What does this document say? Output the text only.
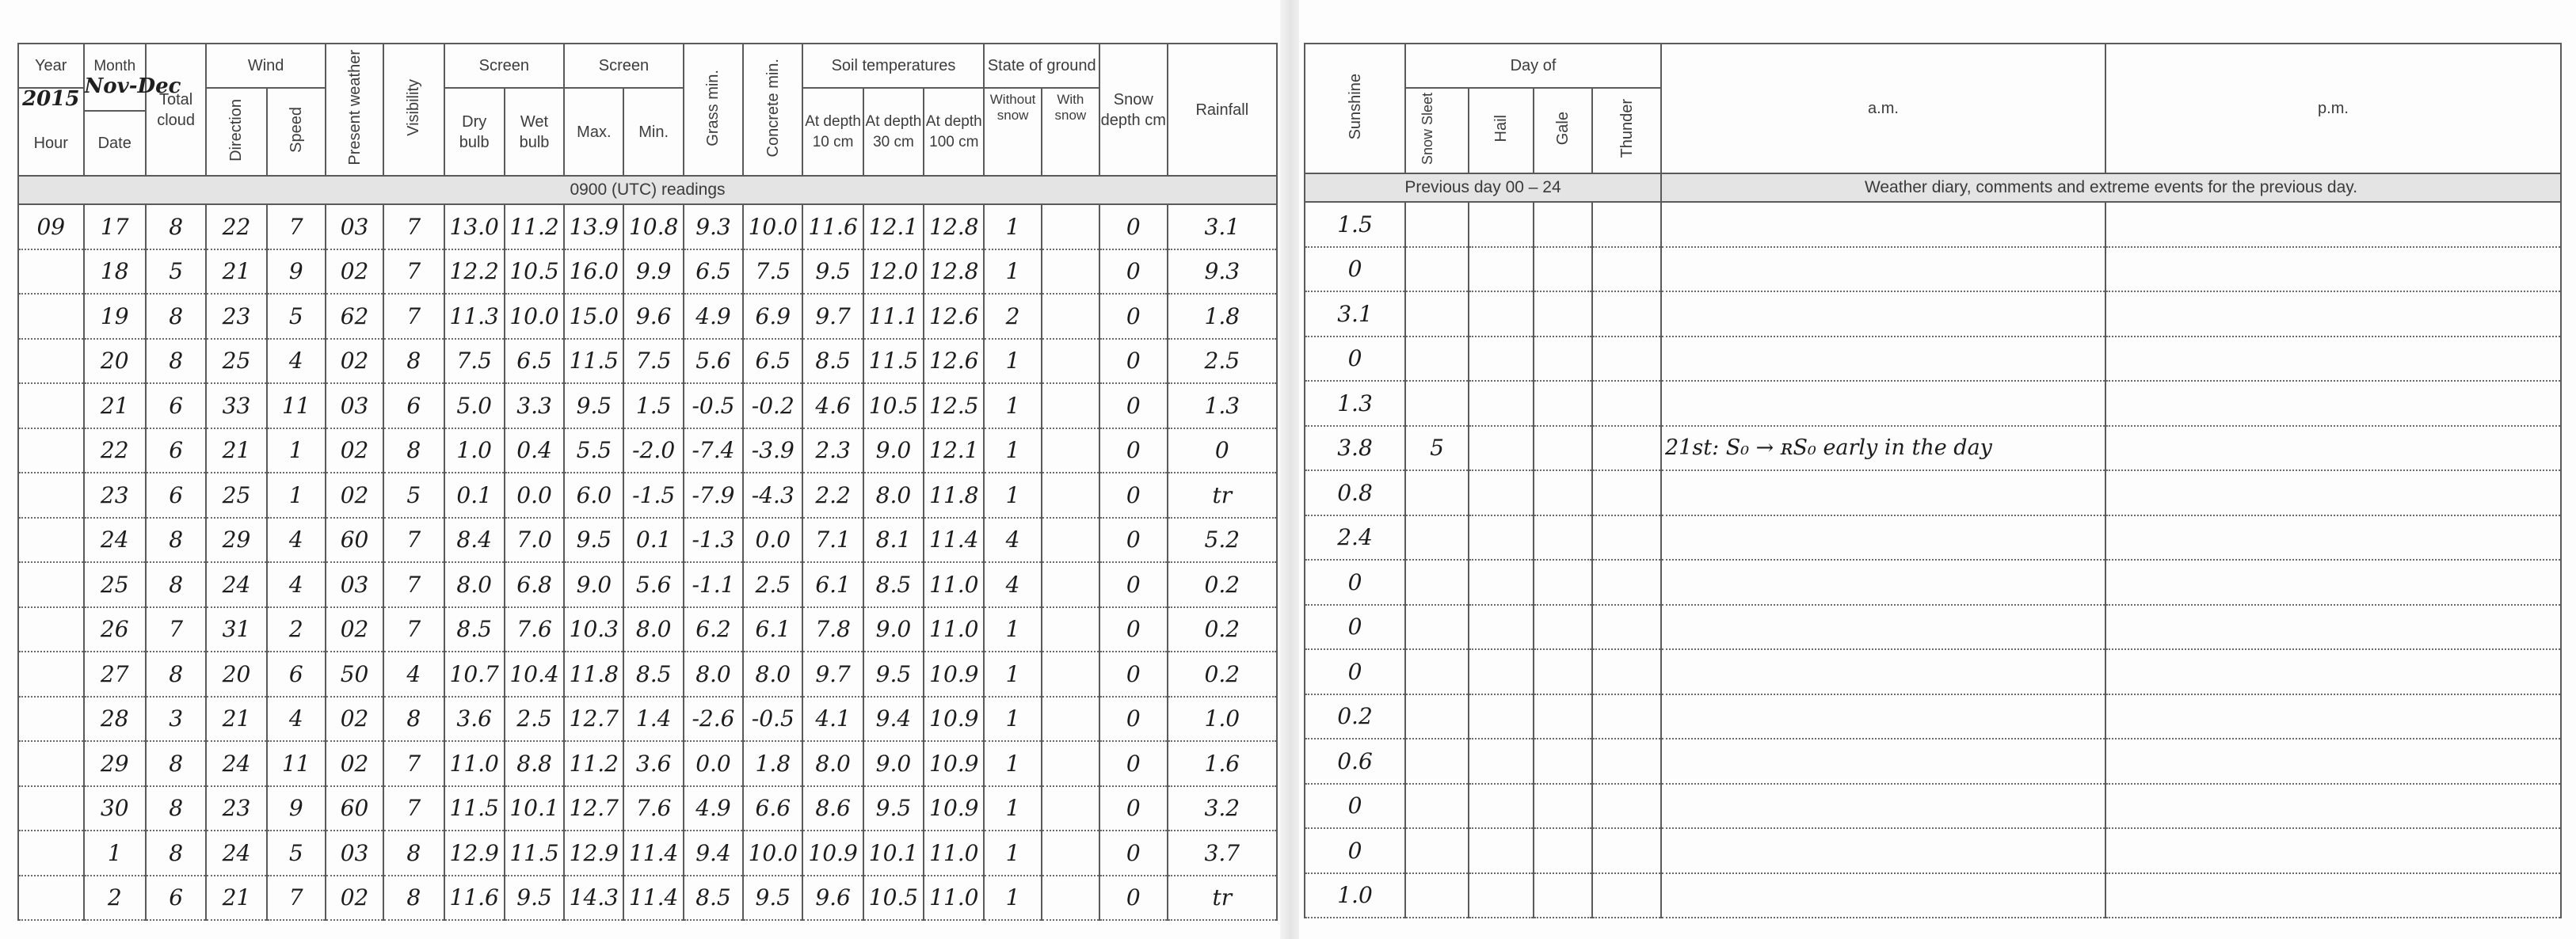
Year	Month
Nov-Dec	Total cloud	Wind		Present weather	Visibility	Screen		Screen		Grass min.	Concrete min.	Soil temperatures			State of ground		Snow depth cm	Rainfall
2015			Direction	Speed			Dry bulb	Wet bulb	Max.	Min.			At depth 10 cm	At depth 30 cm	At depth 100 cm	Without snow	With snow		
Hour	Date																		
0900 (UTC) readings																			
09	17	8	22	7	03	7	13.0	11.2	13.9	10.8	9.3	10.0	11.6	12.1	12.8	1		0	3.1
	18	5	21	9	02	7	12.2	10.5	16.0	9.9	6.5	7.5	9.5	12.0	12.8	1		0	9.3
	19	8	23	5	62	7	11.3	10.0	15.0	9.6	4.9	6.9	9.7	11.1	12.6	2		0	1.8
	20	8	25	4	02	8	7.5	6.5	11.5	7.5	5.6	6.5	8.5	11.5	12.6	1		0	2.5
	21	6	33	11	03	6	5.0	3.3	9.5	1.5	-0.5	-0.2	4.6	10.5	12.5	1		0	1.3
	22	6	21	1	02	8	1.0	0.4	5.5	-2.0	-7.4	-3.9	2.3	9.0	12.1	1		0	0
	23	6	25	1	02	5	0.1	0.0	6.0	-1.5	-7.9	-4.3	2.2	8.0	11.8	1		0	tr
	24	8	29	4	60	7	8.4	7.0	9.5	0.1	-1.3	0.0	7.1	8.1	11.4	4		0	5.2
	25	8	24	4	03	7	8.0	6.8	9.0	5.6	-1.1	2.5	6.1	8.5	11.0	4		0	0.2
	26	7	31	2	02	7	8.5	7.6	10.3	8.0	6.2	6.1	7.8	9.0	11.0	1		0	0.2
	27	8	20	6	50	4	10.7	10.4	11.8	8.5	8.0	8.0	9.7	9.5	10.9	1		0	0.2
	28	3	21	4	02	8	3.6	2.5	12.7	1.4	-2.6	-0.5	4.1	9.4	10.9	1		0	1.0
	29	8	24	11	02	7	11.0	8.8	11.2	3.6	0.0	1.8	8.0	9.0	10.9	1		0	1.6
	30	8	23	9	60	7	11.5	10.1	12.7	7.6	4.9	6.6	8.6	9.5	10.9	1		0	3.2
	1	8	24	5	03	8	12.9	11.5	12.9	11.4	9.4	10.0	10.9	10.1	11.0	1		0	3.7
	2	6	21	7	02	8	11.6	9.5	14.3	11.4	8.5	9.5	9.6	10.5	11.0	1		0	tr
Sunshine	Day of				a.m.	p.m.
	Snow Sleet	Hail	Gale	Thunder		

Previous day 00 – 24					Weather diary, comments and extreme events for the previous day.	
1.5						
0						
3.1						
0						
1.3						
3.8	5				21st: S₀ → ʀS₀ early in the day	
0.8						
2.4						
0						
0						
0						
0.2						
0.6						
0						
0						
1.0						
